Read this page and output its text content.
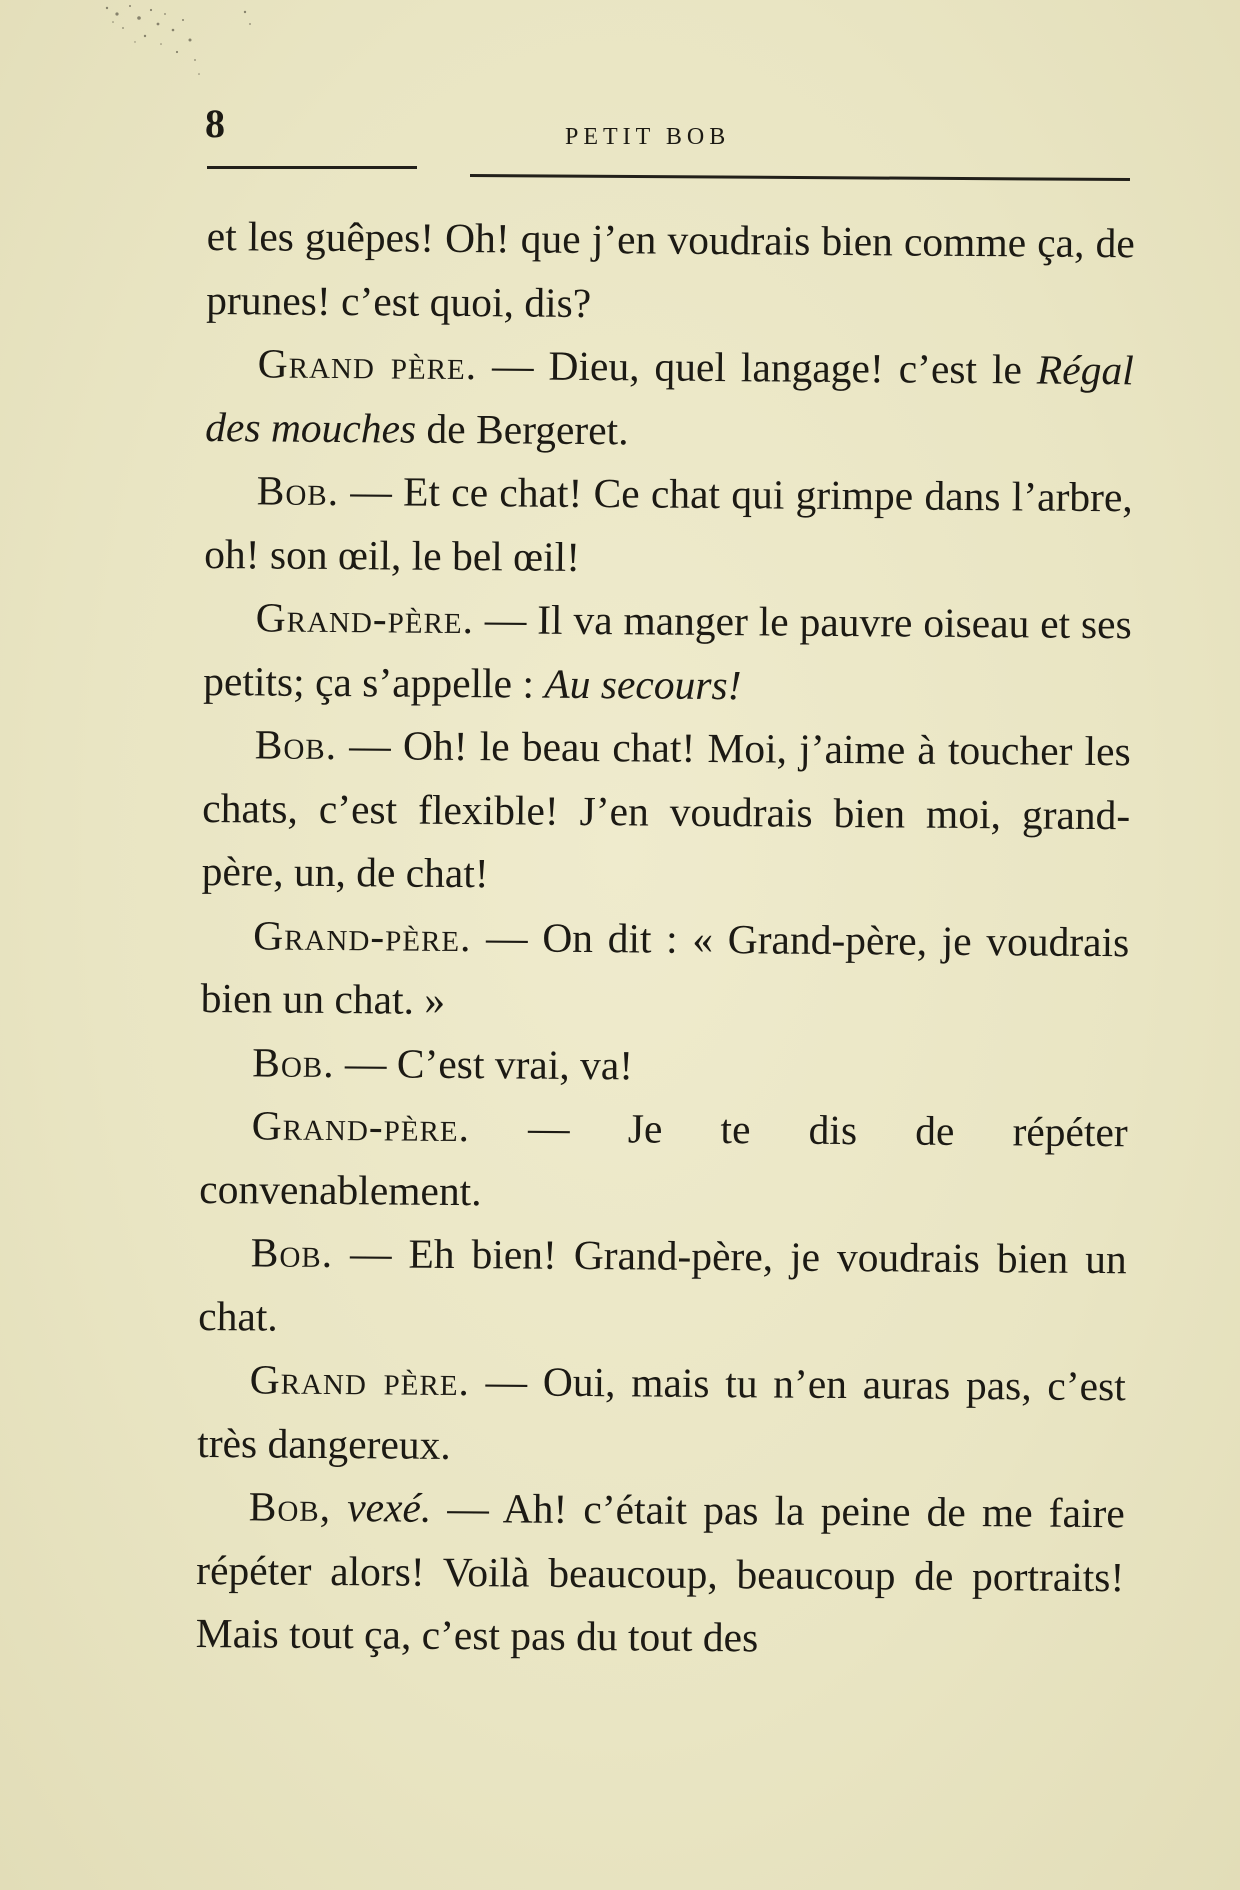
8	PETIT BOB

et les guêpes! Oh! que j’en voudrais bien comme ça, de prunes! c’est quoi, dis?

Grand père. — Dieu, quel langage! c’est le Régal des mouches de Bergeret.

Bob. — Et ce chat! Ce chat qui grimpe dans l’arbre, oh! son œil, le bel œil!

Grand-père. — Il va manger le pauvre oiseau et ses petits; ça s’appelle : Au secours!

Bob. — Oh! le beau chat! Moi, j’aime à toucher les chats, c’est flexible! J’en voudrais bien moi, grand-père, un, de chat!

Grand-père. — On dit : « Grand-père, je voudrais bien un chat. »

Bob. — C’est vrai, va!

Grand-père. — Je te dis de répéter convenablement.

Bob. — Eh bien! Grand-père, je voudrais bien un chat.

Grand père. — Oui, mais tu n’en auras pas, c’est très dangereux.

Bob, vexé. — Ah! c’était pas la peine de me faire répéter alors! Voilà beaucoup, beaucoup de portraits! Mais tout ça, c’est pas du tout des
